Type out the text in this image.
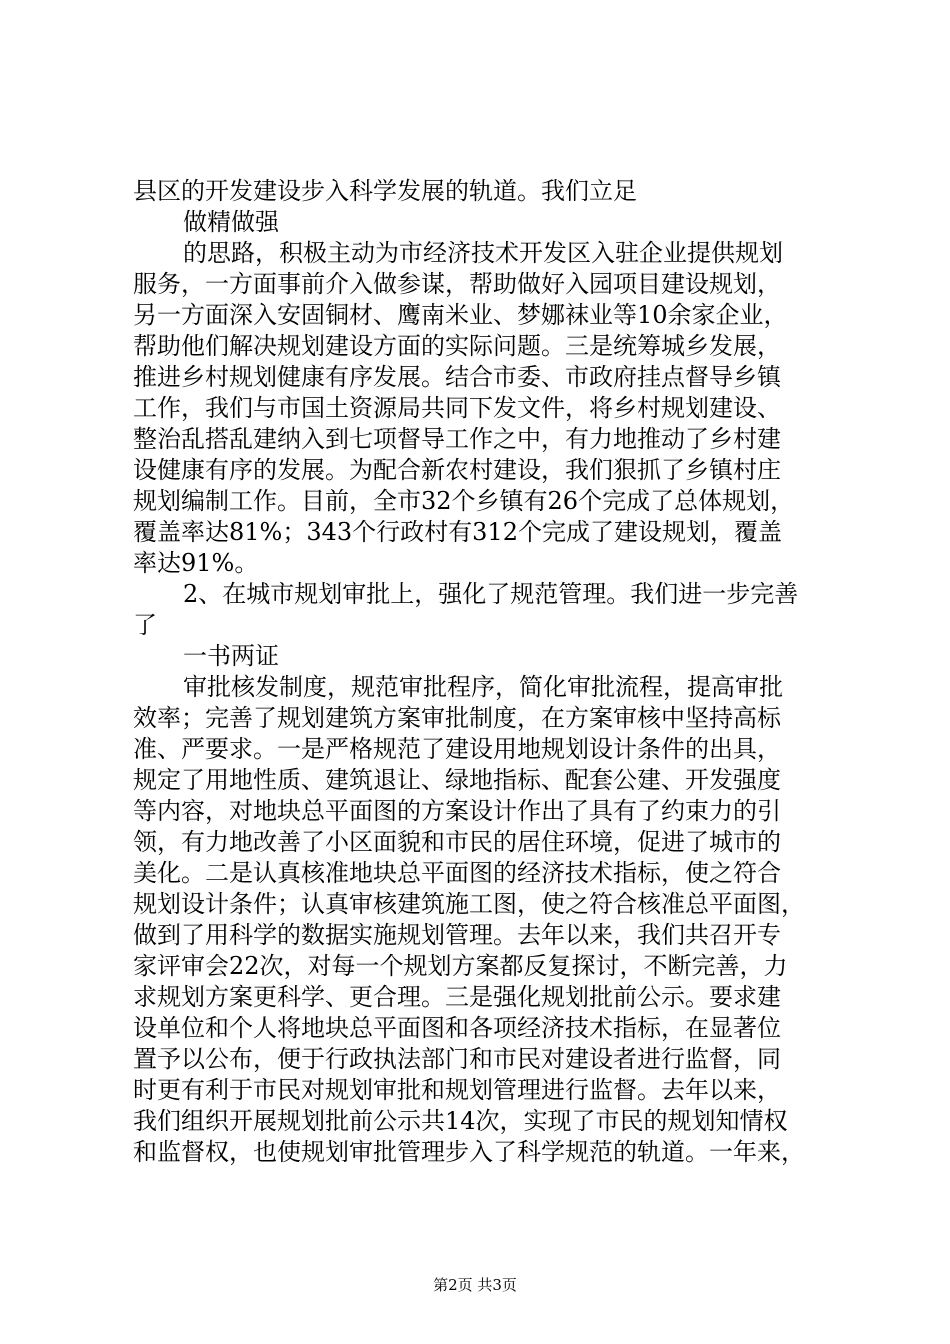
县区的开发建设步入科学发展的轨道。我们立足
做精做强
的思路，积极主动为市经济技术开发区入驻企业提供规划
服务，一方面事前介入做参谋，帮助做好入园项目建设规划，
另一方面深入安固铜材、鹰南米业、梦娜袜业等10余家企业，
帮助他们解决规划建设方面的实际问题。三是统筹城乡发展，
推进乡村规划健康有序发展。结合市委、市政府挂点督导乡镇
工作，我们与市国土资源局共同下发文件，将乡村规划建设、
整治乱搭乱建纳入到七项督导工作之中，有力地推动了乡村建
设健康有序的发展。为配合新农村建设，我们狠抓了乡镇村庄
规划编制工作。目前，全市32个乡镇有26个完成了总体规划，
覆盖率达81%；343个行政村有312个完成了建设规划，覆盖
率达91%。
2、在城市规划审批上，强化了规范管理。我们进一步完善
了
一书两证
审批核发制度，规范审批程序，简化审批流程，提高审批
效率；完善了规划建筑方案审批制度，在方案审核中坚持高标
准、严要求。一是严格规范了建设用地规划设计条件的出具，
规定了用地性质、建筑退让、绿地指标、配套公建、开发强度
等内容，对地块总平面图的方案设计作出了具有了约束力的引
领，有力地改善了小区面貌和市民的居住环境，促进了城市的
美化。二是认真核准地块总平面图的经济技术指标，使之符合
规划设计条件；认真审核建筑施工图，使之符合核准总平面图，
做到了用科学的数据实施规划管理。去年以来，我们共召开专
家评审会22次，对每一个规划方案都反复探讨，不断完善，力
求规划方案更科学、更合理。三是强化规划批前公示。要求建
设单位和个人将地块总平面图和各项经济技术指标，在显著位
置予以公布，便于行政执法部门和市民对建设者进行监督，同
时更有利于市民对规划审批和规划管理进行监督。去年以来，
我们组织开展规划批前公示共14次，实现了市民的规划知情权
和监督权，也使规划审批管理步入了科学规范的轨道。一年来，
第2页 共3页
